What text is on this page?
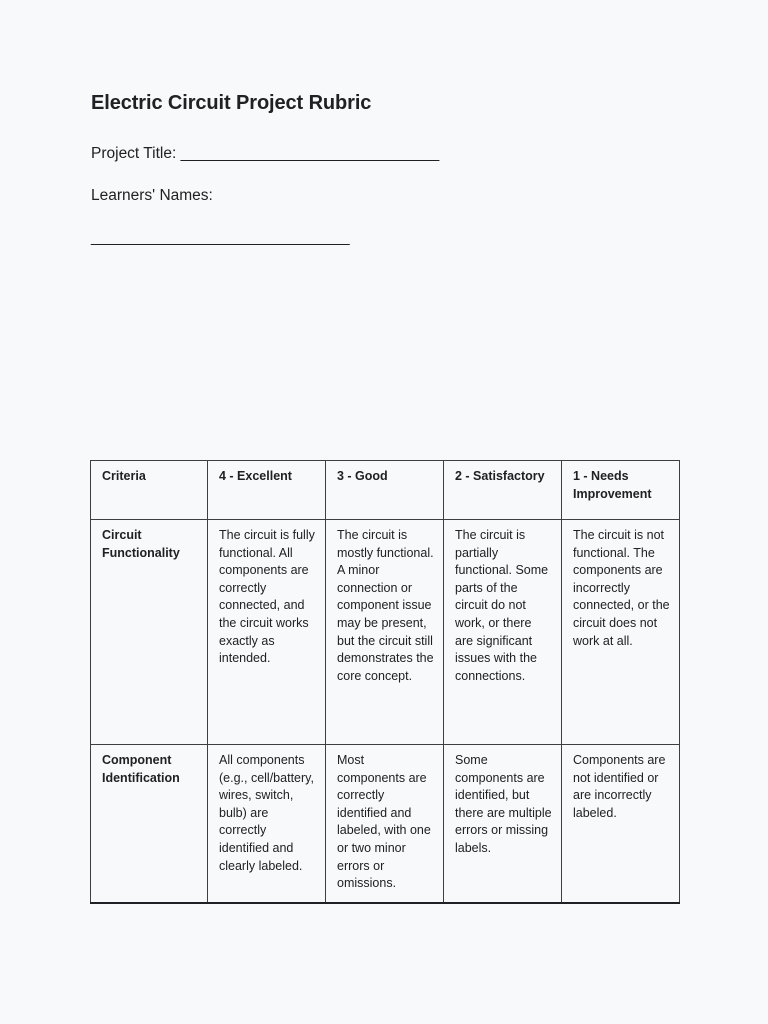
Electric Circuit Project Rubric

Project Title: ______________________________

Learners' Names:

______________________________

Criteria	4 - Excellent	3 - Good	2 - Satisfactory	1 - Needs Improvement
Circuit Functionality	The circuit is fully functional. All components are correctly connected, and the circuit works exactly as intended.	The circuit is mostly functional. A minor connection or component issue may be present, but the circuit still demonstrates the core concept.	The circuit is partially functional. Some parts of the circuit do not work, or there are significant issues with the connections.	The circuit is not functional. The components are incorrectly connected, or the circuit does not work at all.
Component Identification	All components (e.g., cell/battery, wires, switch, bulb) are correctly identified and clearly labeled.	Most components are correctly identified and labeled, with one or two minor errors or omissions.	Some components are identified, but there are multiple errors or missing labels.	Components are not identified or are incorrectly labeled.
